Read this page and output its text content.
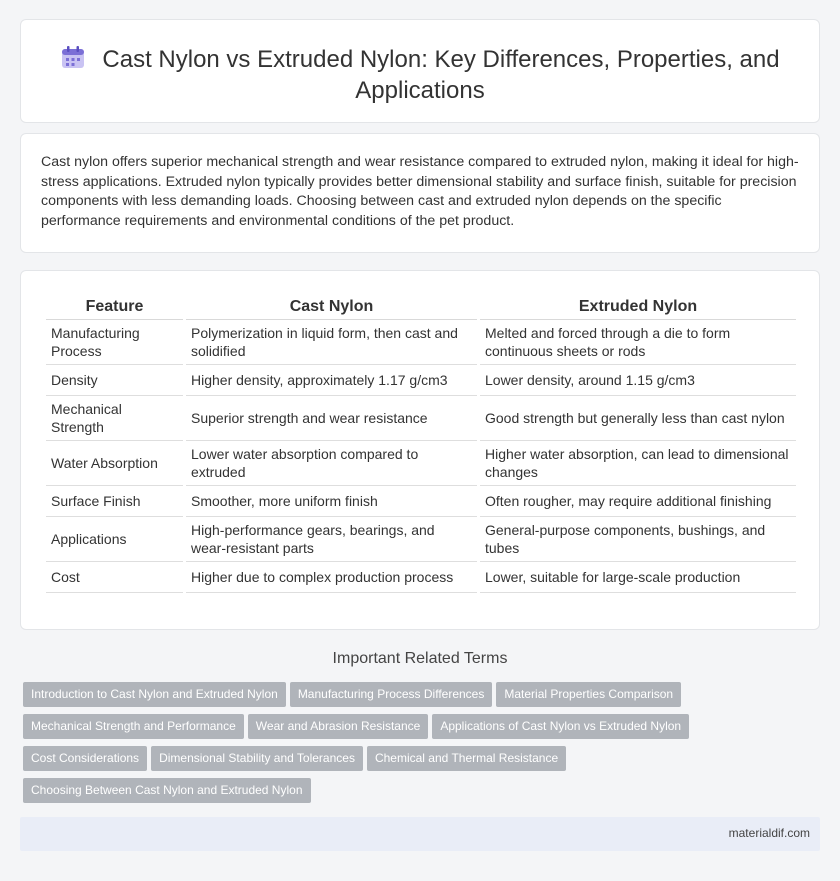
Cast Nylon vs Extruded Nylon: Key Differences, Properties, and Applications

Cast nylon offers superior mechanical strength and wear resistance compared to extruded nylon, making it ideal for high-stress applications. Extruded nylon typically provides better dimensional stability and surface finish, suitable for precision components with less demanding loads. Choosing between cast and extruded nylon depends on the specific performance requirements and environmental conditions of the pet product.

Feature	Cast Nylon	Extruded Nylon
Manufacturing Process	Polymerization in liquid form, then cast and solidified	Melted and forced through a die to form continuous sheets or rods
Density	Higher density, approximately 1.17 g/cm3	Lower density, around 1.15 g/cm3
Mechanical Strength	Superior strength and wear resistance	Good strength but generally less than cast nylon
Water Absorption	Lower water absorption compared to extruded	Higher water absorption, can lead to dimensional changes
Surface Finish	Smoother, more uniform finish	Often rougher, may require additional finishing
Applications	High-performance gears, bearings, and wear-resistant parts	General-purpose components, bushings, and tubes
Cost	Higher due to complex production process	Lower, suitable for large-scale production
Important Related Terms
Introduction to Cast Nylon and Extruded Nylon Manufacturing Process Differences Material Properties Comparison
Mechanical Strength and Performance Wear and Abrasion Resistance Applications of Cast Nylon vs Extruded Nylon
Cost Considerations Dimensional Stability and Tolerances Chemical and Thermal Resistance
Choosing Between Cast Nylon and Extruded Nylon
materialdif.com
